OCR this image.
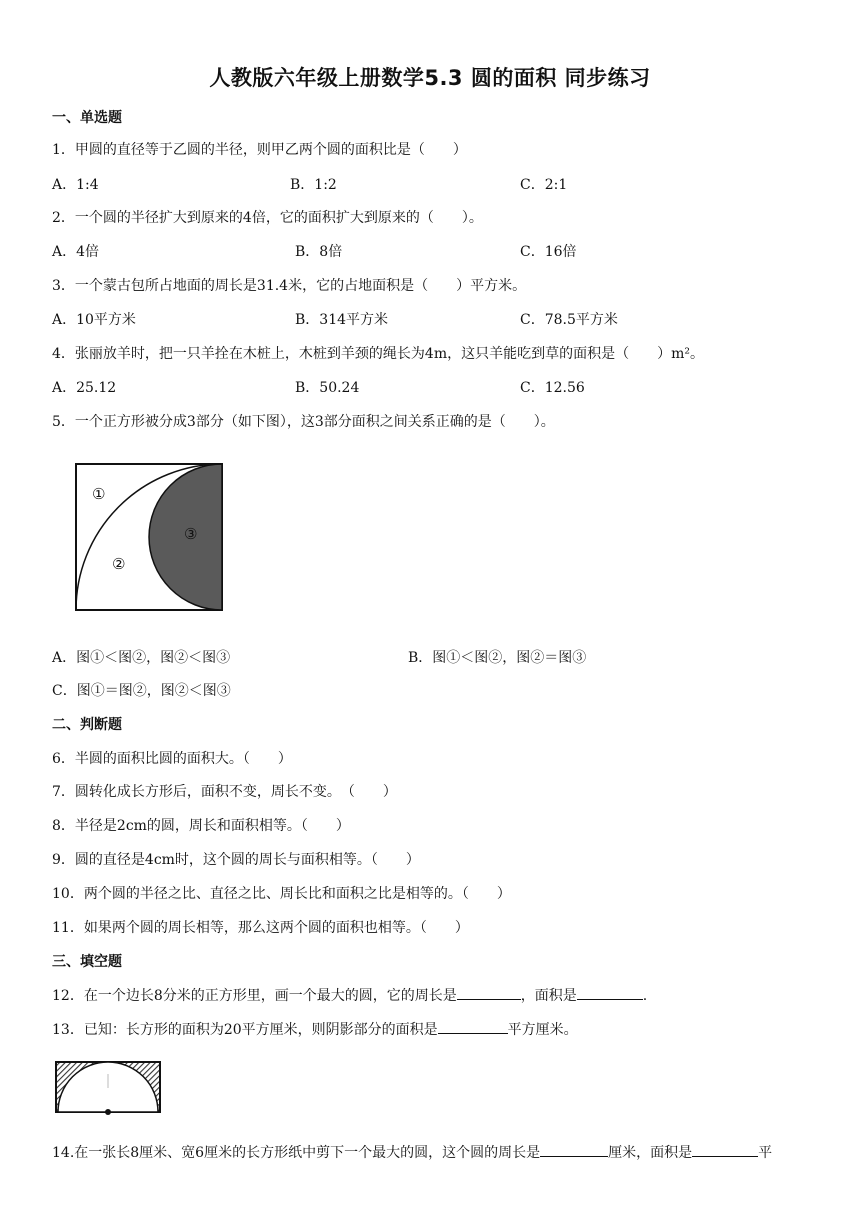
人教版六年级上册数学5.3 圆的面积 同步练习
一、单选题
1．甲圆的直径等于乙圆的半径，则甲乙两个圆的面积比是（　　）
A．1:4	B．1:2	C．2:1
2．一个圆的半径扩大到原来的4倍，它的面积扩大到原来的（　　）。
A．4倍	B．8倍	C．16倍
3．一个蒙古包所占地面的周长是31.4米，它的占地面积是（　　）平方米。
A．10平方米	B．314平方米	C．78.5平方米
4．张丽放羊时，把一只羊拴在木桩上，木桩到羊颈的绳长为4m，这只羊能吃到草的面积是（　　）m²。
A．25.12	B．50.24	C．12.56
5．一个正方形被分成3部分（如下图），这3部分面积之间关系正确的是（　　）。
①
②
③
A．图①＜图②，图②＜图③	B．图①＜图②，图②＝图③
C．图①＝图②，图②＜图③
二、判断题
6．半圆的面积比圆的面积大。（　　）
7．圆转化成长方形后，面积不变，周长不变。　（　　）
8．半径是2cm的圆，周长和面积相等。（　　）
9．圆的直径是4cm时，这个圆的周长与面积相等。（　　）
10．两个圆的半径之比、直径之比、周长比和面积之比是相等的。（　　）
11．如果两个圆的周长相等，那么这两个圆的面积也相等。（　　）
三、填空题
12．在一个边长8分米的正方形里，画一个最大的圆，它的周长是	，面积是	.
13．已知：长方形的面积为20平方厘米，则阴影部分的面积是	平方厘米。
14.在一张长8厘米、宽6厘米的长方形纸中剪下一个最大的圆，这个圆的周长是	厘米，面积是	平
